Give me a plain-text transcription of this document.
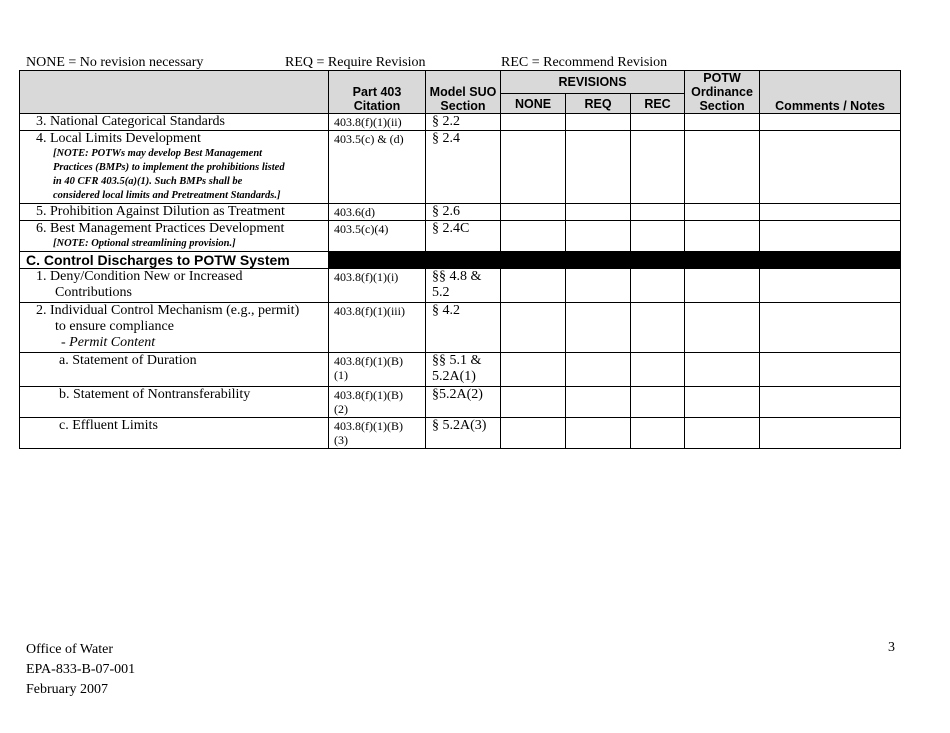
NONE = No revision necessary	REQ = Require Revision	REC = Recommend Revision
	Part 403 Citation	Model SUO Section	REVISIONS			POTW Ordinance Section	Comments / Notes
			NONE	REQ	REC		

3. National Categorical Standards	403.8(f)(1)(ii)	§ 2.2					

4. Local Limits Development
[NOTE: POTWs may develop Best Management
Practices (BMPs) to implement the prohibitions listed
in 40 CFR 403.5(a)(1). Such BMPs shall be
considered local limits and Pretreatment Standards.]	403.5(c) & (d)	§ 2.4					

5. Prohibition Against Dilution as Treatment	403.6(d)	§ 2.6					

6. Best Management Practices Development
[NOTE: Optional streamlining provision.]	403.5(c)(4)	§ 2.4C					
C. Control Discharges to POTW System							

1. Deny/Condition New or Increased
Contributions	403.8(f)(1)(i)	§§ 4.8 &
5.2					

2. Individual Control Mechanism (e.g., permit)
to ensure compliance
- Permit Content	403.8(f)(1)(iii)	§ 4.2					

a. Statement of Duration	403.8(f)(1)(B)
(1)	§§ 5.1 &
5.2A(1)					

b. Statement of Nontransferability	403.8(f)(1)(B)
(2)	§5.2A(2)					

c. Effluent Limits	403.8(f)(1)(B)
(3)	§ 5.2A(3)					
Office of Water
EPA-833-B-07-001
February 2007
3
